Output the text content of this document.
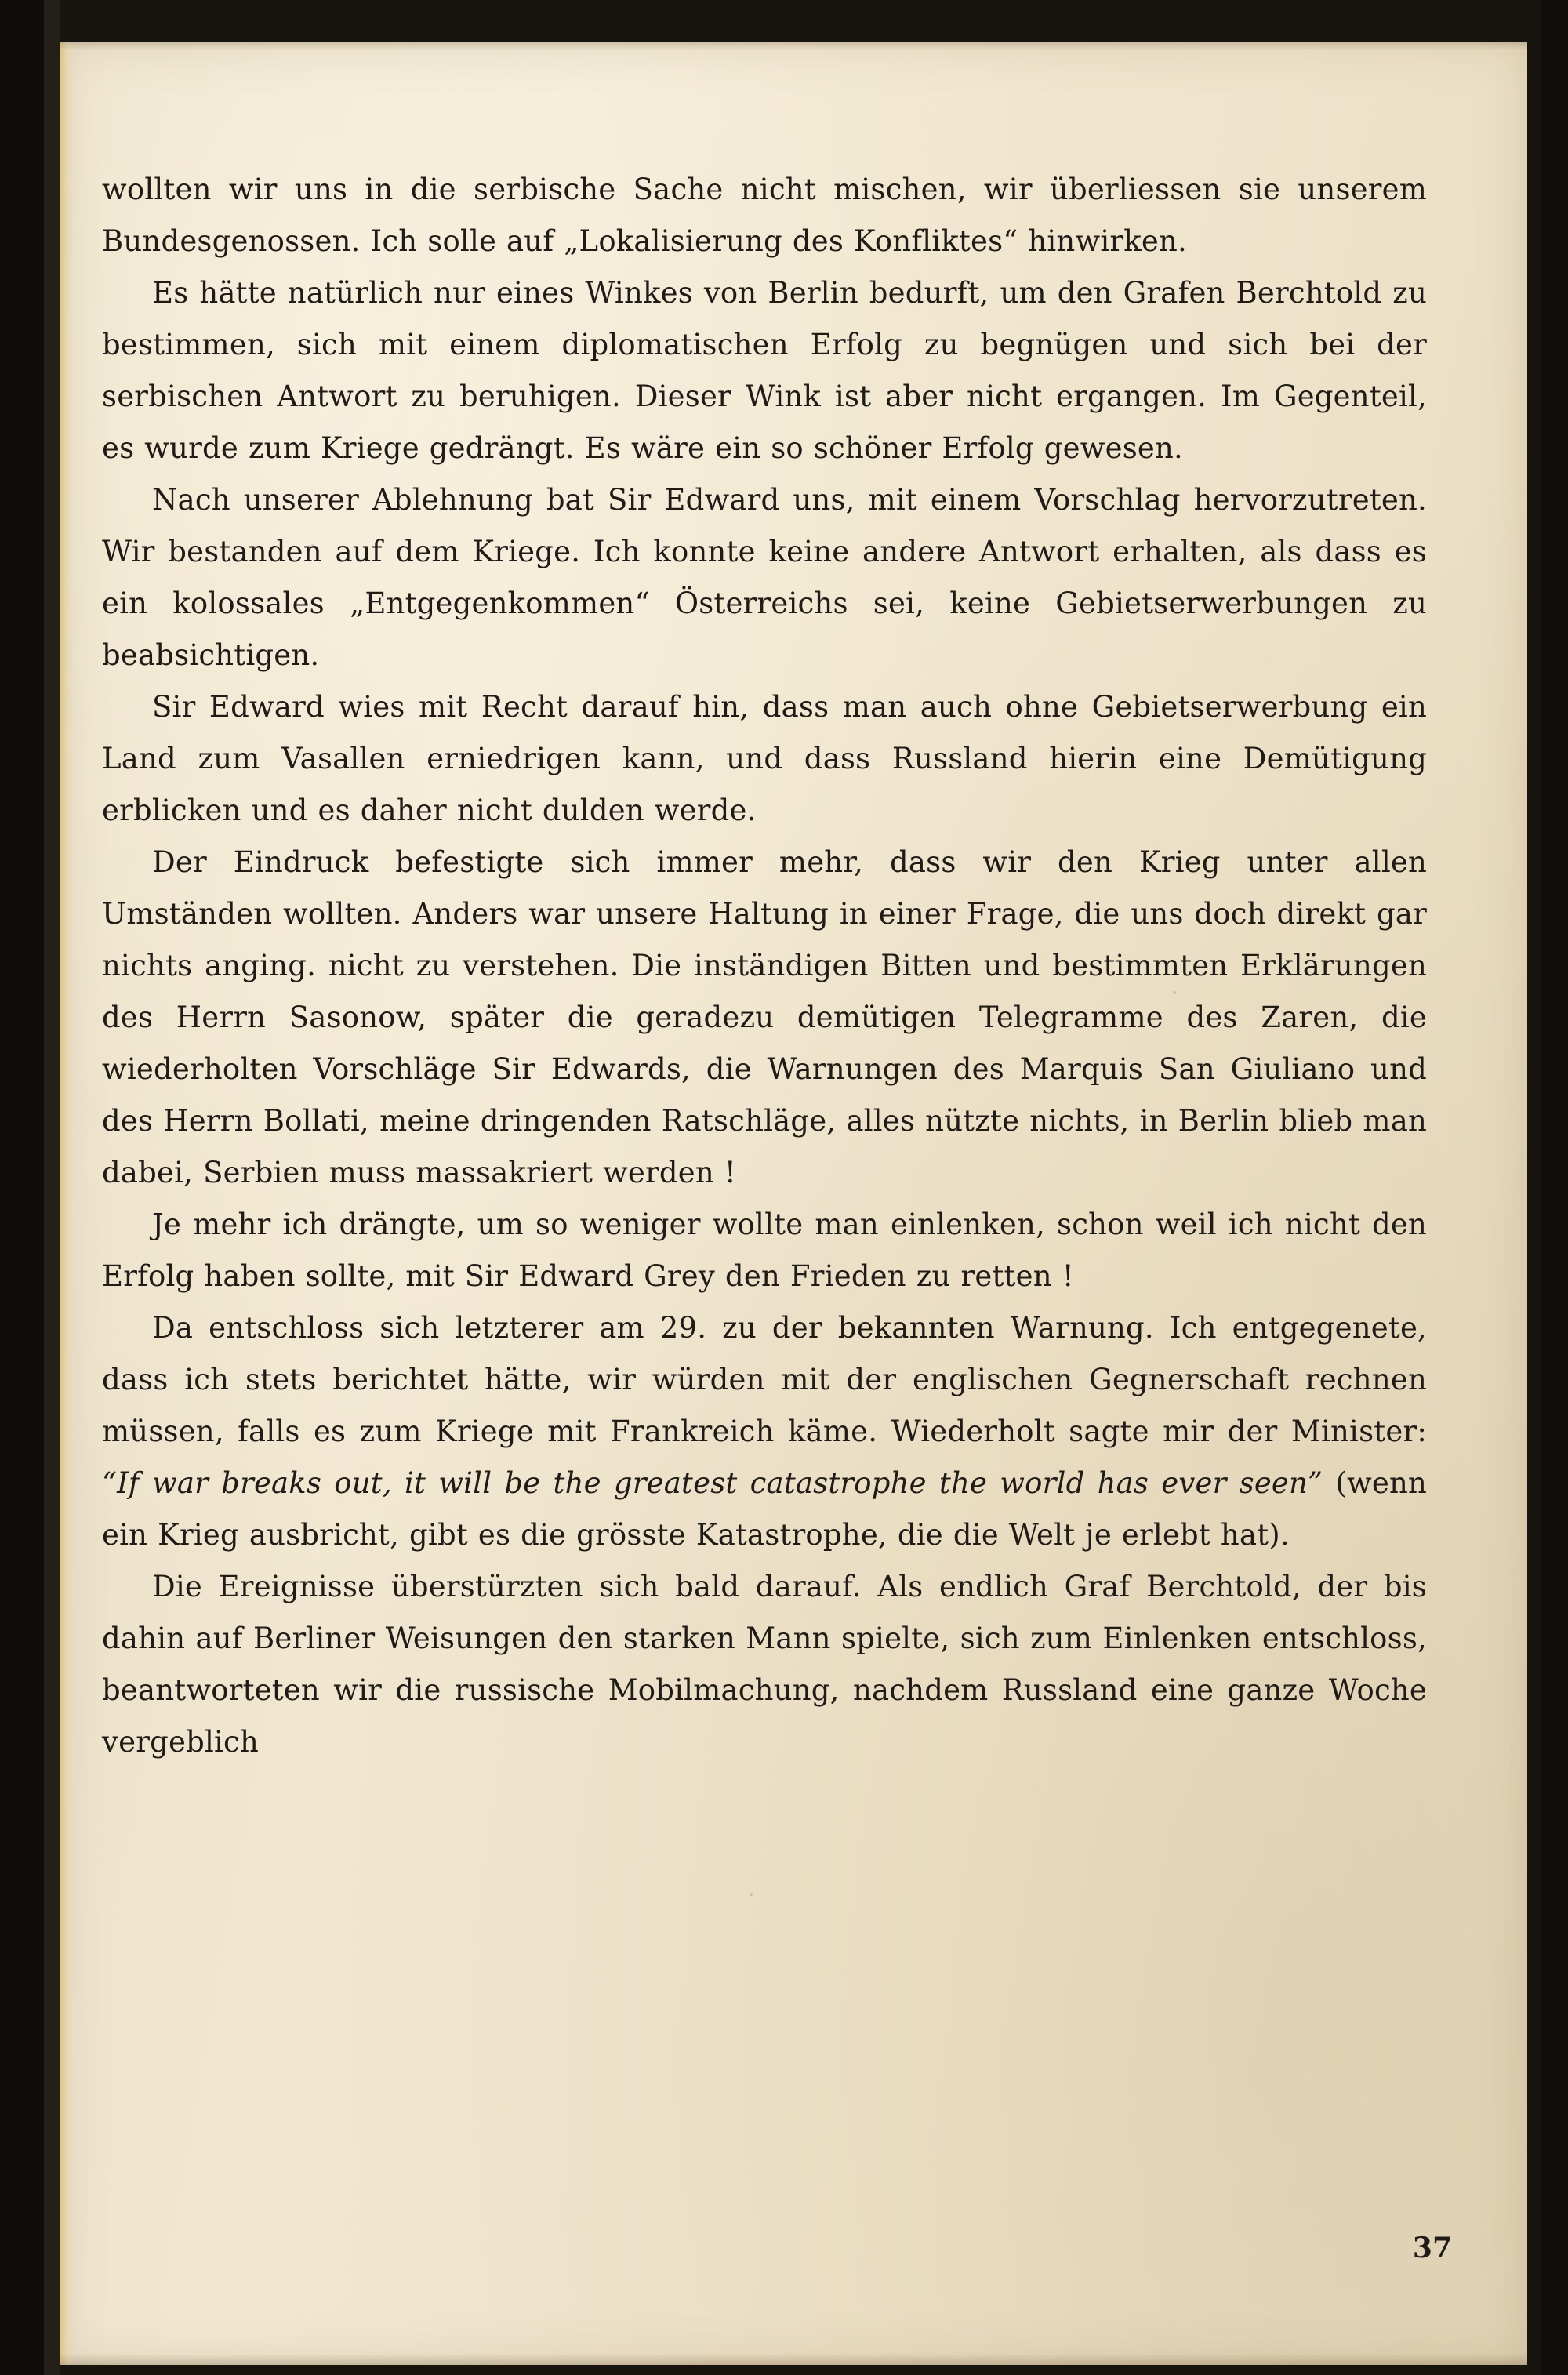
wollten wir uns in die serbische Sache nicht mischen, wir überliessen sie unserem Bundesgenossen. Ich solle auf „Lokalisierung des Konfliktes“ hinwirken.

Es hätte natürlich nur eines Winkes von Berlin bedurft, um den Grafen Berchtold zu bestimmen, sich mit einem diplomatischen Erfolg zu begnügen und sich bei der serbischen Antwort zu beruhigen. Dieser Wink ist aber nicht ergangen. Im Gegenteil, es wurde zum Kriege gedrängt. Es wäre ein so schöner Erfolg gewesen.

Nach unserer Ablehnung bat Sir Edward uns, mit einem Vorschlag hervorzutreten. Wir bestanden auf dem Kriege. Ich konnte keine andere Antwort erhalten, als dass es ein kolossales „Entgegenkommen“ Österreichs sei, keine Gebietserwerbungen zu beabsichtigen.

Sir Edward wies mit Recht darauf hin, dass man auch ohne Gebietserwerbung ein Land zum Vasallen erniedrigen kann, und dass Russland hierin eine Demütigung erblicken und es daher nicht dulden werde.

Der Eindruck befestigte sich immer mehr, dass wir den Krieg unter allen Umständen wollten. Anders war unsere Haltung in einer Frage, die uns doch direkt gar nichts anging. nicht zu verstehen. Die inständigen Bitten und bestimmten Erklärungen des Herrn Sasonow, später die geradezu demütigen Telegramme des Zaren, die wiederholten Vorschläge Sir Edwards, die Warnungen des Marquis San Giuliano und des Herrn Bollati, meine dringenden Ratschläge, alles nützte nichts, in Berlin blieb man dabei, Serbien muss massakriert werden !

Je mehr ich drängte, um so weniger wollte man einlenken, schon weil ich nicht den Erfolg haben sollte, mit Sir Edward Grey den Frieden zu retten !

Da entschloss sich letzterer am 29. zu der bekannten Warnung. Ich entgegenete, dass ich stets berichtet hätte, wir würden mit der englischen Gegnerschaft rechnen müssen, falls es zum Kriege mit Frankreich käme. Wiederholt sagte mir der Minister: “If war breaks out, it will be the greatest catastrophe the world has ever seen” (wenn ein Krieg ausbricht, gibt es die grösste Katastrophe, die die Welt je erlebt hat).

Die Ereignisse überstürzten sich bald darauf. Als endlich Graf Berchtold, der bis dahin auf Berliner Weisungen den starken Mann spielte, sich zum Einlenken entschloss, beantworteten wir die russische Mobilmachung, nachdem Russland eine ganze Woche vergeblich

37
